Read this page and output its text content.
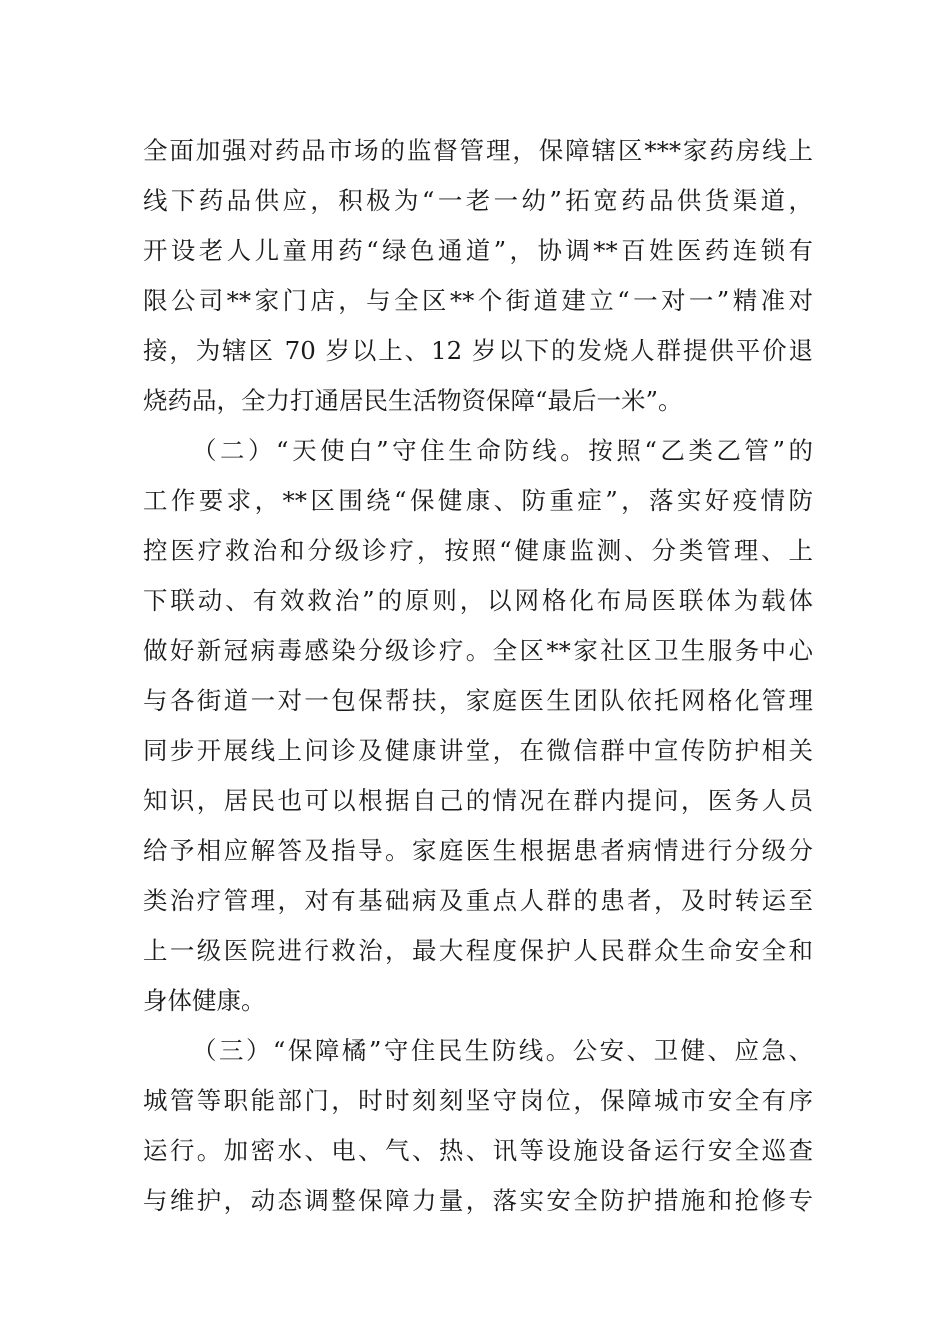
全面加强对药品市场的监督管理，保障辖区***家药房线上
线下药品供应，积极为“一老一幼”拓宽药品供货渠道，
开设老人儿童用药“绿色通道”，协调**百姓医药连锁有
限公司**家门店，与全区**个街道建立“一对一”精准对
接，为辖区 70 岁以上、12 岁以下的发烧人群提供平价退
烧药品，全力打通居民生活物资保障“最后一米”。
（二）“天使白”守住生命防线。按照“乙类乙管”的
工作要求，**区围绕“保健康、防重症”，落实好疫情防
控医疗救治和分级诊疗，按照“健康监测、分类管理、上
下联动、有效救治”的原则，以网格化布局医联体为载体
做好新冠病毒感染分级诊疗。全区**家社区卫生服务中心
与各街道一对一包保帮扶，家庭医生团队依托网格化管理
同步开展线上问诊及健康讲堂，在微信群中宣传防护相关
知识，居民也可以根据自己的情况在群内提问，医务人员
给予相应解答及指导。家庭医生根据患者病情进行分级分
类治疗管理，对有基础病及重点人群的患者，及时转运至
上一级医院进行救治，最大程度保护人民群众生命安全和
身体健康。
（三）“保障橘”守住民生防线。公安、卫健、应急、
城管等职能部门，时时刻刻坚守岗位，保障城市安全有序
运行。加密水、电、气、热、讯等设施设备运行安全巡查
与维护，动态调整保障力量，落实安全防护措施和抢修专
